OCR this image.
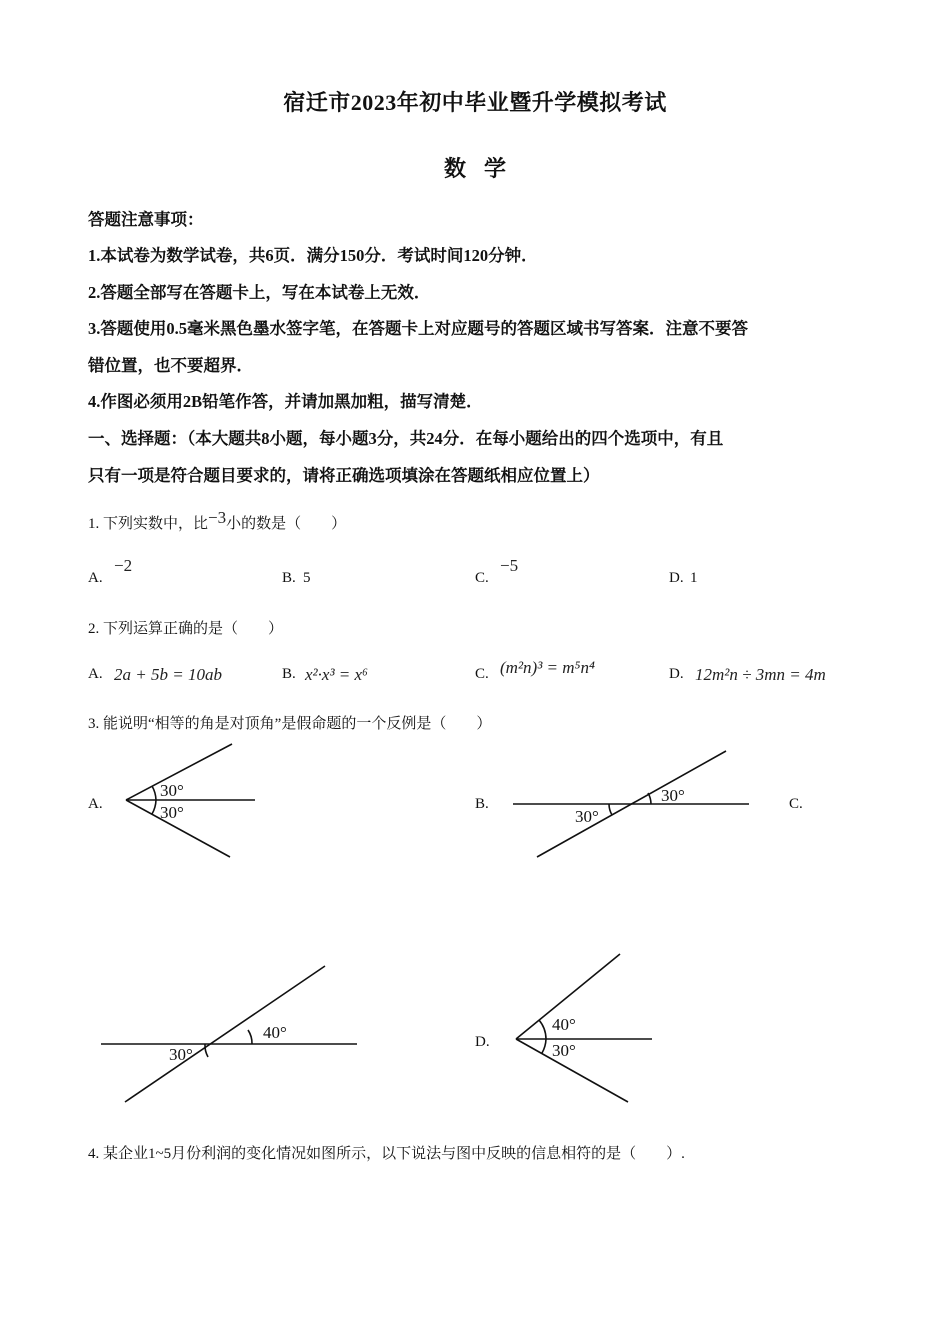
宿迁市2023年初中毕业暨升学模拟考试
数学
答题注意事项：
1.本试卷为数学试卷，共6页．满分150分．考试时间120分钟．
2.答题全部写在答题卡上，写在本试卷上无效．
3.答题使用0.5毫米黑色墨水签字笔，在答题卡上对应题号的答题区域书写答案．注意不要答
错位置，也不要超界．
4.作图必须用2B铅笔作答，并请加黑加粗，描写清楚．
一、选择题：（本大题共8小题，每小题3分，共24分．在每小题给出的四个选项中，有且
只有一项是符合题目要求的，请将正确选项填涂在答题纸相应位置上）
1. 下列实数中，比−3小的数是（　　）
A.
−2
B. 5	C.
−5
D. 1
2. 下列运算正确的是（　　）
A. 2a + 5b = 10ab	B. x²·x³ = x⁶	C. (m²n)³ = m⁵n⁴	D. 12m²n ÷ 3mn = 4m
3. 能说明“相等的角是对顶角”是假命题的一个反例是（　　）
A.
30°
30°	B.	30°
30°
C.
40°
30°
D.
40°
30°
4. 某企业1~5月份利润的变化情况如图所示，以下说法与图中反映的信息相符的是（　　）.
